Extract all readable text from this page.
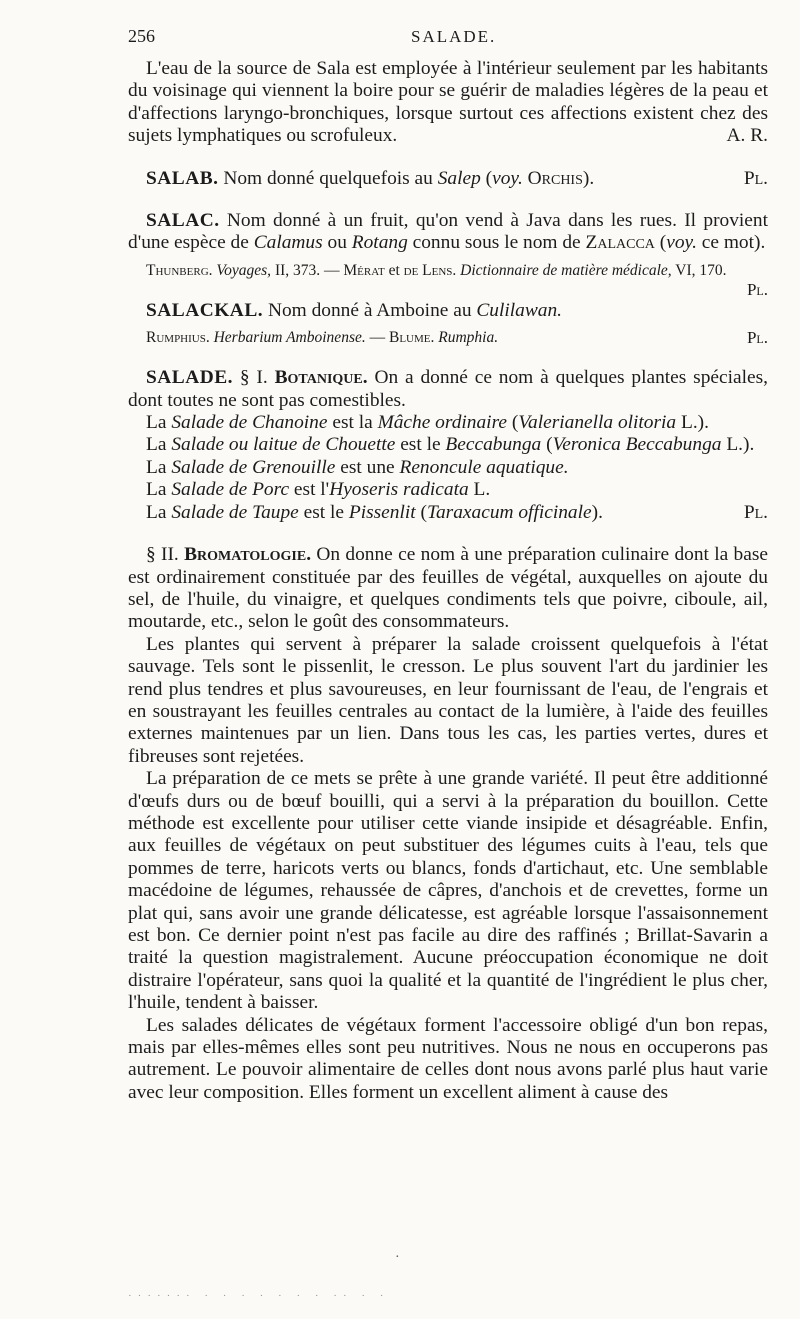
256	SALADE.

L'eau de la source de Sala est employée à l'intérieur seulement par les habitants du voisinage qui viennent la boire pour se guérir de maladies légères de la peau et d'affections laryngo-bronchiques, lorsque surtout ces affections existent chez des sujets lymphatiques ou scrofuleux.	A. R.

SALAB. Nom donné quelquefois au Salep (voy. Orchis).	Pl.

SALAC. Nom donné à un fruit, qu'on vend à Java dans les rues. Il provient d'une espèce de Calamus ou Rotang connu sous le nom de Zalacca (voy. ce mot).

Thunberg. Voyages, II, 373. — Mérat et de Lens. Dictionnaire de matière médicale, VI, 170.
Pl.

SALACKAL. Nom donné à Amboine au Culilawan.

Rumphius. Herbarium Amboinense. — Blume. Rumphia.	Pl.

SALADE. § I. Botanique. On a donné ce nom à quelques plantes spéciales, dont toutes ne sont pas comestibles.

La Salade de Chanoine est la Mâche ordinaire (Valerianella olitoria L.).

La Salade ou laitue de Chouette est le Beccabunga (Veronica Beccabunga L.).

La Salade de Grenouille est une Renoncule aquatique.

La Salade de Porc est l'Hyoseris radicata L.

La Salade de Taupe est le Pissenlit (Taraxacum officinale).	Pl.

§ II. Bromatologie. On donne ce nom à une préparation culinaire dont la base est ordinairement constituée par des feuilles de végétal, auxquelles on ajoute du sel, de l'huile, du vinaigre, et quelques condiments tels que poivre, ciboule, ail, moutarde, etc., selon le goût des consommateurs.

Les plantes qui servent à préparer la salade croissent quelquefois à l'état sauvage. Tels sont le pissenlit, le cresson. Le plus souvent l'art du jardinier les rend plus tendres et plus savoureuses, en leur fournissant de l'eau, de l'engrais et en soustrayant les feuilles centrales au contact de la lumière, à l'aide des feuilles externes maintenues par un lien. Dans tous les cas, les parties vertes, dures et fibreuses sont rejetées.

La préparation de ce mets se prête à une grande variété. Il peut être additionné d'œufs durs ou de bœuf bouilli, qui a servi à la préparation du bouillon. Cette méthode est excellente pour utiliser cette viande insipide et désagréable. Enfin, aux feuilles de végétaux on peut substituer des légumes cuits à l'eau, tels que pommes de terre, haricots verts ou blancs, fonds d'artichaut, etc. Une semblable macédoine de légumes, rehaussée de câpres, d'anchois et de crevettes, forme un plat qui, sans avoir une grande délicatesse, est agréable lorsque l'assaisonnement est bon. Ce dernier point n'est pas facile au dire des raffinés ; Brillat-Savarin a traité la question magistralement. Aucune préoccupation économique ne doit distraire l'opérateur, sans quoi la qualité et la quantité de l'ingrédient le plus cher, l'huile, tendent à baisser.

Les salades délicates de végétaux forment l'accessoire obligé d'un bon repas, mais par elles-mêmes elles sont peu nutritives. Nous ne nous en occuperons pas autrement. Le pouvoir alimentaire de celles dont nous avons parlé plus haut varie avec leur composition. Elles forment un excellent aliment à cause des

·
······· · · · · · · · ·· · ·
